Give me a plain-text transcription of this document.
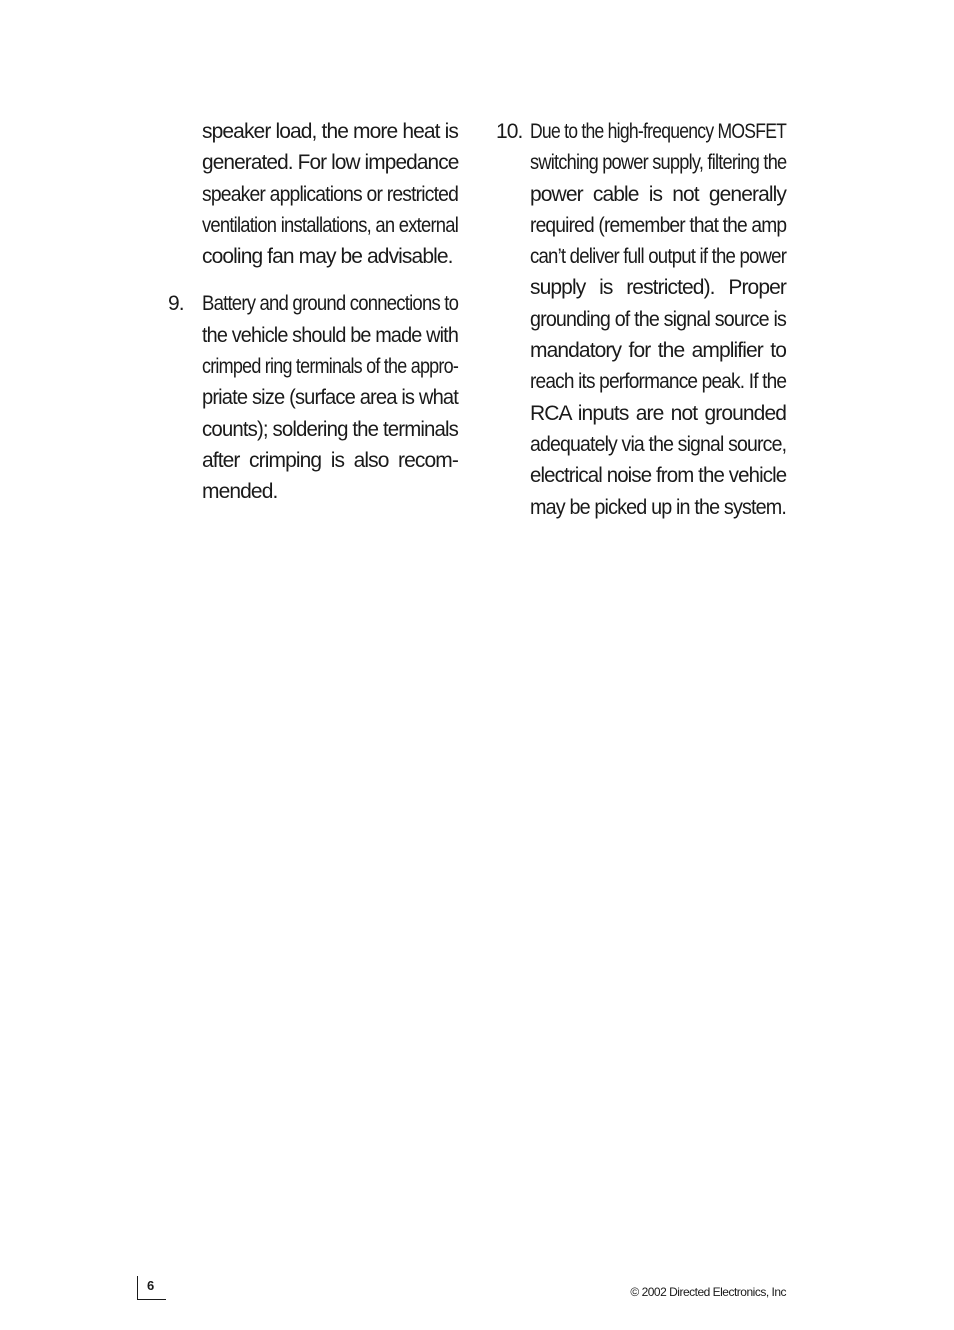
speaker load, the more heat is
generated. For low impedance
speaker applications or restricted
ventilation installations, an external
cooling fan may be advisable.
9. Battery and ground connections to
the vehicle should be made with
crimped ring terminals of the appro-
priate size (surface area is what
counts); soldering the terminals
after crimping is also recom-
mended.
10. Due to the high-frequency MOSFET
switching power supply, filtering the
power cable is not generally
required (remember that the amp
can’t deliver full output if the power
supply is restricted). Proper
grounding of the signal source is
mandatory for the amplifier to
reach its performance peak. If the
RCA inputs are not grounded
adequately via the signal source,
electrical noise from the vehicle
may be picked up in the system.
6	© 2002 Directed Electronics, Inc
